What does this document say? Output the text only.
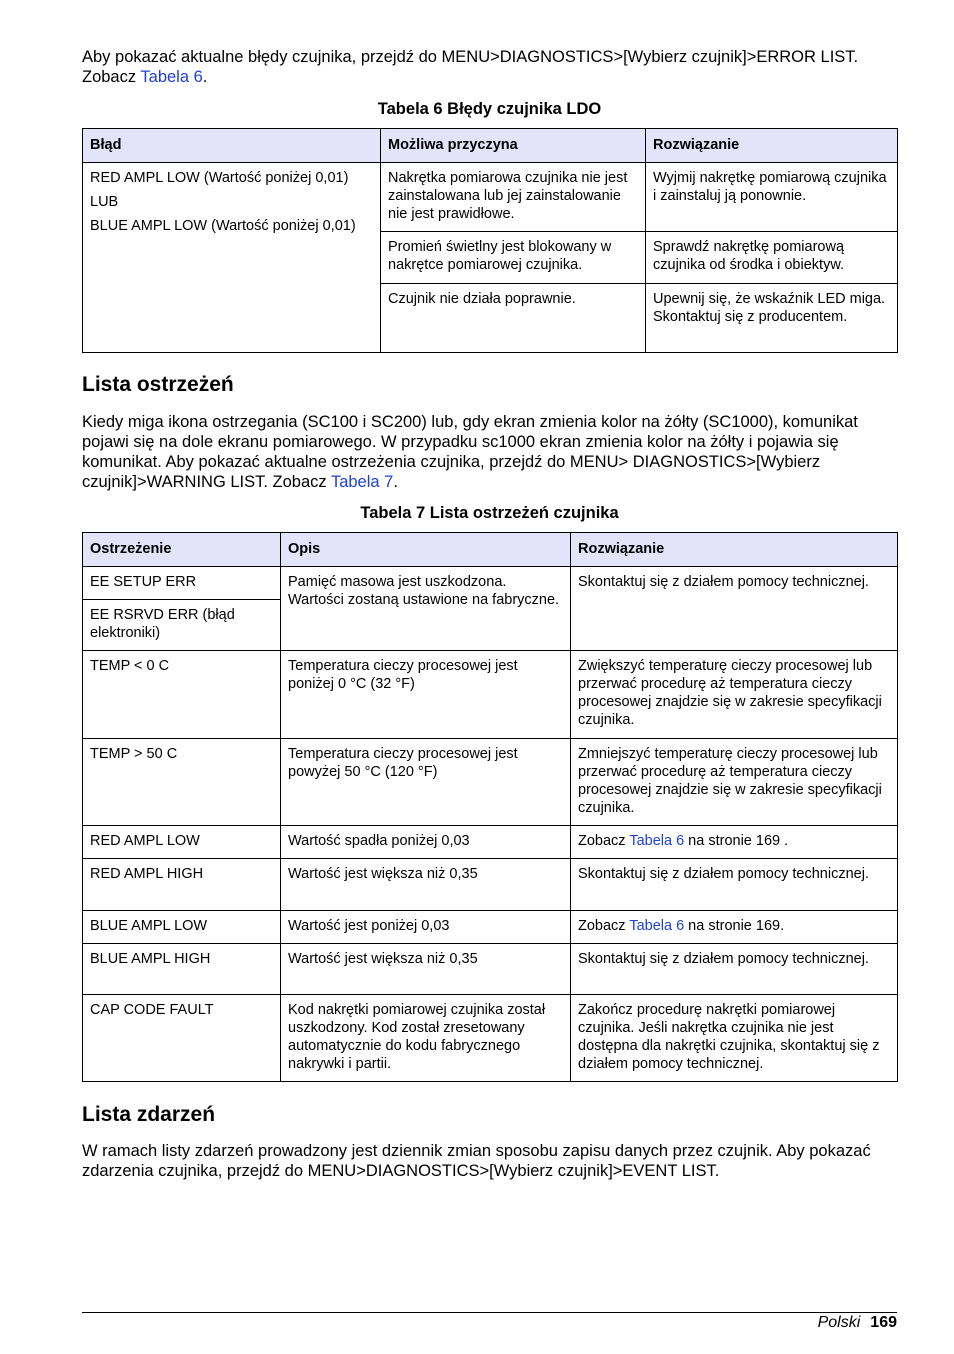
Aby pokazać aktualne błędy czujnika, przejdź do MENU>DIAGNOSTICS>[Wybierz czujnik]>ERROR LIST. Zobacz Tabela 6.

Tabela 6 Błędy czujnika LDO

Błąd	Możliwa przyczyna	Rozwiązanie

RED AMPL LOW (Wartość poniżej 0,01)

LUB

BLUE AMPL LOW (Wartość poniżej 0,01)	Nakrętka pomiarowa czujnika nie jest zainstalowana lub jej zainstalowanie nie jest prawidłowe.	Wyjmij nakrętkę pomiarową czujnika i zainstaluj ją ponownie.
	Promień świetlny jest blokowany w nakrętce pomiarowej czujnika.	Sprawdź nakrętkę pomiarową czujnika od środka i obiektyw.
	Czujnik nie działa poprawnie.	Upewnij się, że wskaźnik LED miga. Skontaktuj się z producentem.
Lista ostrzeżeń

Kiedy miga ikona ostrzegania (SC100 i SC200) lub, gdy ekran zmienia kolor na żółty (SC1000), komunikat pojawi się na dole ekranu pomiarowego. W przypadku sc1000 ekran zmienia kolor na żółty i pojawia się komunikat. Aby pokazać aktualne ostrzeżenia czujnika, przejdź do MENU> DIAGNOSTICS>[Wybierz czujnik]>WARNING LIST. Zobacz Tabela 7.

Tabela 7 Lista ostrzeżeń czujnika

Ostrzeżenie	Opis	Rozwiązanie
EE SETUP ERR	Pamięć masowa jest uszkodzona. Wartości zostaną ustawione na fabryczne.	Skontaktuj się z działem pomocy technicznej.
EE RSRVD ERR (błąd elektroniki)		
TEMP < 0 C	Temperatura cieczy procesowej jest poniżej 0 °C (32 °F)	Zwiększyć temperaturę cieczy procesowej lub przerwać procedurę aż temperatura cieczy procesowej znajdzie się w zakresie specyfikacji czujnika.
TEMP > 50 C	Temperatura cieczy procesowej jest powyżej 50 °C (120 °F)	Zmniejszyć temperaturę cieczy procesowej lub przerwać procedurę aż temperatura cieczy procesowej znajdzie się w zakresie specyfikacji czujnika.
RED AMPL LOW	Wartość spadła poniżej 0,03	Zobacz Tabela 6 na stronie 169 .
RED AMPL HIGH	Wartość jest większa niż 0,35	Skontaktuj się z działem pomocy technicznej.
BLUE AMPL LOW	Wartość jest poniżej 0,03	Zobacz Tabela 6 na stronie 169.
BLUE AMPL HIGH	Wartość jest większa niż 0,35	Skontaktuj się z działem pomocy technicznej.
CAP CODE FAULT	Kod nakrętki pomiarowej czujnika został uszkodzony. Kod został zresetowany automatycznie do kodu fabrycznego nakrywki i partii.	Zakończ procedurę nakrętki pomiarowej czujnika. Jeśli nakrętka czujnika nie jest dostępna dla nakrętki czujnika, skontaktuj się z działem pomocy technicznej.
Lista zdarzeń

W ramach listy zdarzeń prowadzony jest dziennik zmian sposobu zapisu danych przez czujnik. Aby pokazać zdarzenia czujnika, przejdź do MENU>DIAGNOSTICS>[Wybierz czujnik]>EVENT LIST.

Polski 169
